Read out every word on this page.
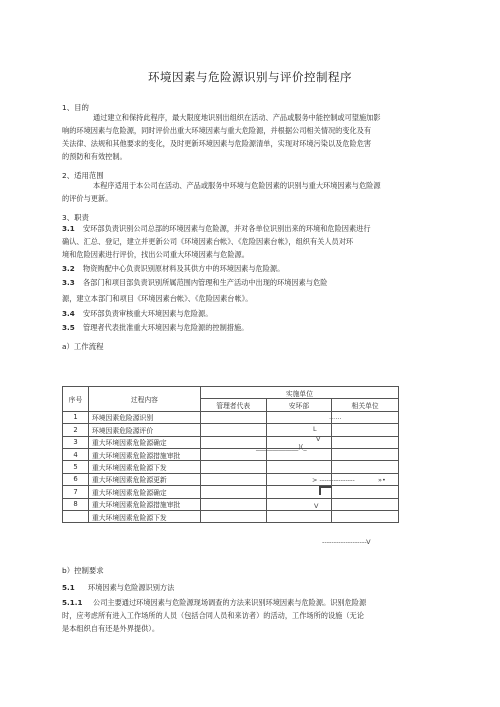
环境因素与危险源识别与评价控制程序
1、目的
通过建立和保持此程序，最大限度地识别出组织在活动、产品或服务中能控制或可望施加影
响的环境因素与危险源，同时评价出重大环境因素与重大危险源，并根据公司相关情况的变化及有
关法律、法规和其他要求的变化，及时更新环境因素与危险源清单，实现对环境污染以及危险危害
的预防和有效控制。
2、适用范围
本程序适用于本公司在活动、产品或服务中环境与危险因素的识别与重大环境因素与危险源
的评价与更新。
3、职责
3.1 安环部负责识别公司总部的环境因素与危险源，并对各单位识别出来的环境和危险因素进行
确认、汇总、登记，建立并更新公司《环境因素台帐》、《危险因素台帐》，组织有关人员对环
境和危险因素进行评价，找出公司重大环境因素与危险源。
3.2 物资购配中心负责识别原材料及其供方中的环境因素与危险源。
3.3 各部门和项目部负责识别所属范围内管理和生产活动中出现的环境因素与危险
源，建立本部门和项目《环境因素台帐》、《危险因素台帐》。
3.4 安环部负责审核重大环境因素与危险源。
3.5 管理者代表批准重大环境因素与危险源的控制措施。
a）工作流程
序号	过程内容	实施单位		
		管理者代表	安环部	相关单位
1	环境因素危险源识别			
2	环境因素危险源评价			
3	重大环境因素危险源确定			
4	重大环境因素危险源措施审批			
5	重大环境因素危险源下发			
6	重大环境因素危险源更新			
7	重大环境因素危险源确定			
8	重大环境因素危险源措施审批			
	重大环境因素危险源下发			
......
L
V
_____________)(_
> ---------------	»•
V
-------------------V
b）控制要求
5.1 环境因素与危险源识别方法
5.1.1 公司主要通过环境因素与危险源现场调查的方法来识别环境因素与危险源。识别危险源
时，应考虑所有进入工作场所的人员（包括合同人员和来访者）的活动，工作场所的设施（无论
是本组织自有还是外界提供）。
